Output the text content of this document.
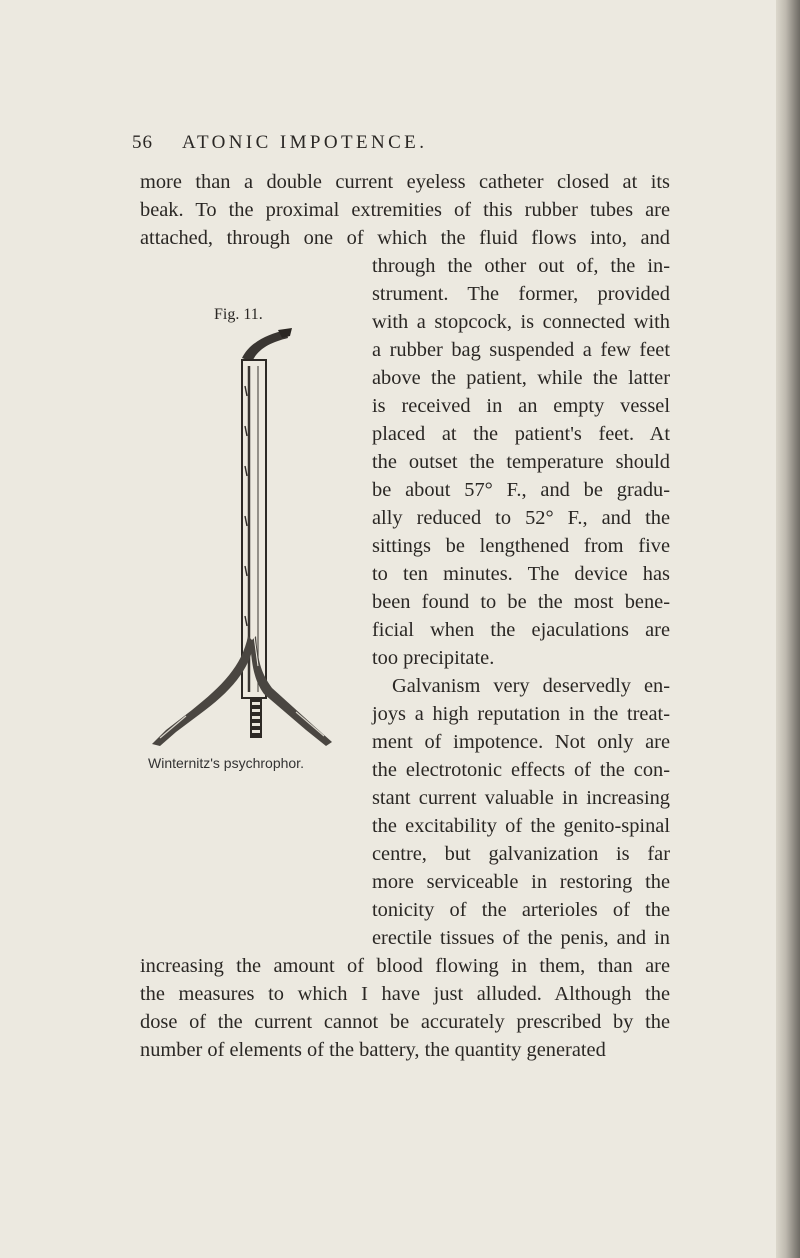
56 ATONIC IMPOTENCE.
more than a double current eyeless catheter closed at its
beak. To the proximal extremities of this rubber tubes are
attached, through one of which the fluid flows into, and
through the other out of, the in-
strument. The former, provided
with a stopcock, is connected with
a rubber bag suspended a few feet
above the patient, while the latter
is received in an empty vessel
placed at the patient's feet. At
the outset the temperature should
be about 57° F., and be gradu-
ally reduced to 52° F., and the
sittings be lengthened from five
to ten minutes. The device has
been found to be the most bene-
ficial when the ejaculations are
too precipitate.
Galvanism very deservedly en-
joys a high reputation in the treat-
ment of impotence. Not only are
the electrotonic effects of the con-
stant current valuable in increasing
the excitability of the genito-spinal
centre, but galvanization is far
more serviceable in restoring the
tonicity of the arterioles of the
erectile tissues of the penis, and in
increasing the amount of blood flowing in them, than are
the measures to which I have just alluded. Although the
dose of the current cannot be accurately prescribed by the
number of elements of the battery, the quantity generated
Fig. 11.
Winternitz's psychrophor.
